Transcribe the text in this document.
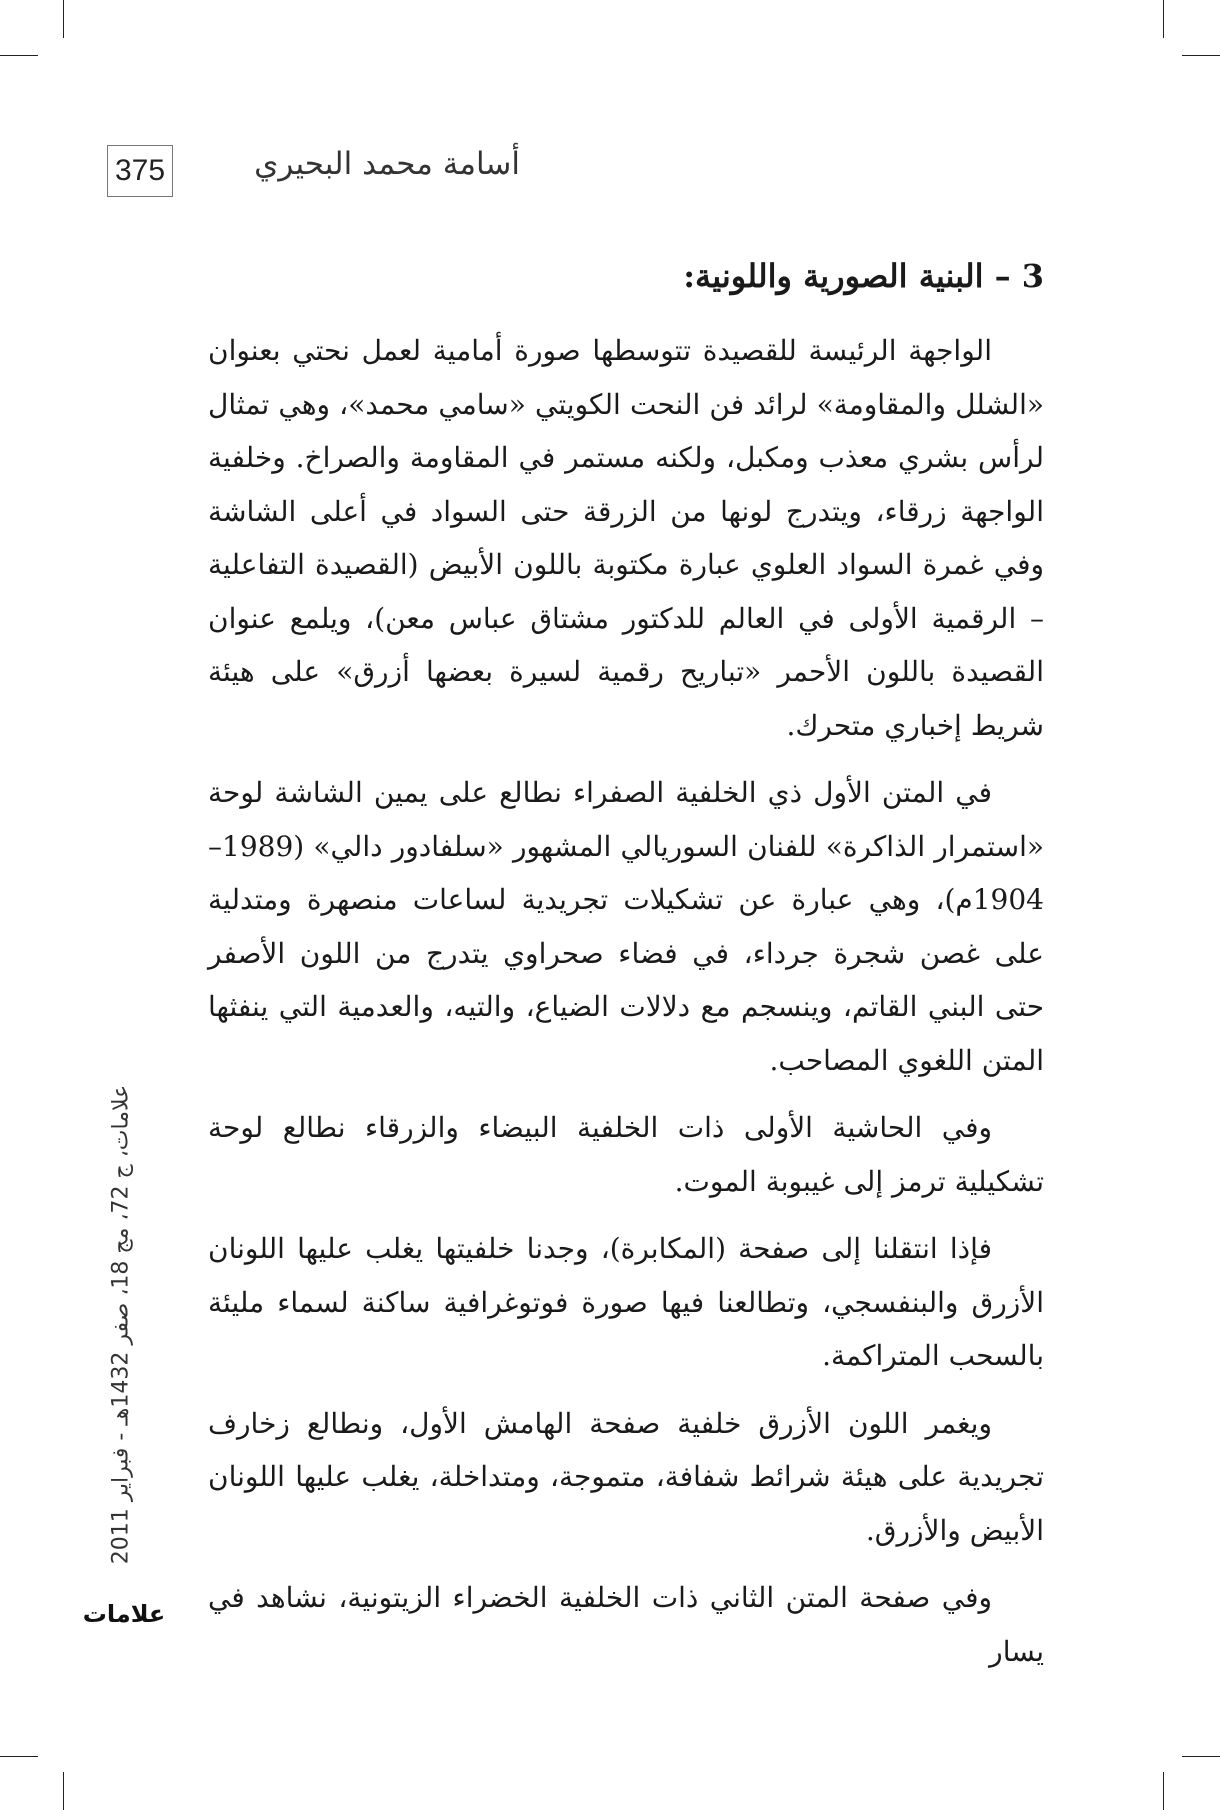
375	أسامة محمد البحيري
3 – البنية الصورية واللونية:

الواجهة الرئيسة للقصيدة تتوسطها صورة أمامية لعمل نحتي بعنوان «الشلل والمقاومة» لرائد فن النحت الكويتي «سامي محمد»، وهي تمثال لرأس بشري معذب ومكبل، ولكنه مستمر في المقاومة والصراخ. وخلفية الواجهة زرقاء، ويتدرج لونها من الزرقة حتى السواد في أعلى الشاشة وفي غمرة السواد العلوي عبارة مكتوبة باللون الأبيض (القصيدة التفاعلية – الرقمية الأولى في العالم للدكتور مشتاق عباس معن)، ويلمع عنوان القصيدة باللون الأحمر «تباريح رقمية لسيرة بعضها أزرق» على هيئة شريط إخباري متحرك.

في المتن الأول ذي الخلفية الصفراء نطالع على يمين الشاشة لوحة «استمرار الذاكرة» للفنان السوريالي المشهور «سلفادور دالي» (1989–1904م)، وهي عبارة عن تشكيلات تجريدية لساعات منصهرة ومتدلية على غصن شجرة جرداء، في فضاء صحراوي يتدرج من اللون الأصفر حتى البني القاتم، وينسجم مع دلالات الضياع، والتيه، والعدمية التي ينفثها المتن اللغوي المصاحب.

وفي الحاشية الأولى ذات الخلفية البيضاء والزرقاء نطالع لوحة تشكيلية ترمز إلى غيبوبة الموت.

فإذا انتقلنا إلى صفحة (المكابرة)، وجدنا خلفيتها يغلب عليها اللونان الأزرق والبنفسجي، وتطالعنا فيها صورة فوتوغرافية ساكنة لسماء مليئة بالسحب المتراكمة.

ويغمر اللون الأزرق خلفية صفحة الهامش الأول، ونطالع زخارف تجريدية على هيئة شرائط شفافة، متموجة، ومتداخلة، يغلب عليها اللونان الأبيض والأزرق.

وفي صفحة المتن الثاني ذات الخلفية الخضراء الزيتونية، نشاهد في يسار

علامات، ج 72، مج 18، صفر 1432هـ - فبراير 2011
علامات
